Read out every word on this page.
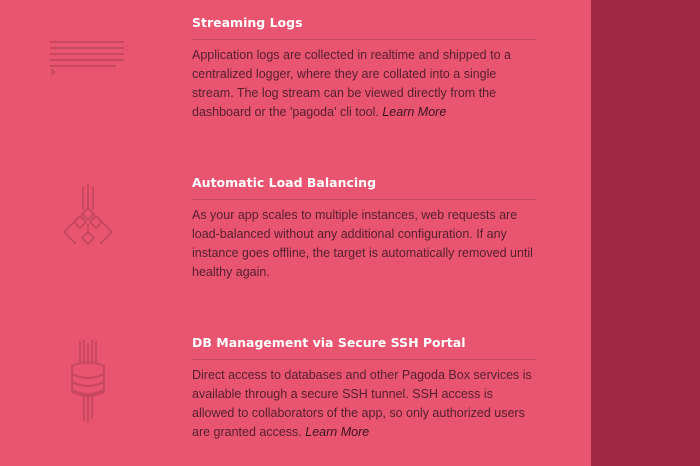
Streaming Logs

Application logs are collected in realtime and shipped to a centralized logger, where they are collated into a single stream. The log stream can be viewed directly from the dashboard or the 'pagoda' cli tool. Learn More

Automatic Load Balancing

As your app scales to multiple instances, web requests are load-balanced without any additional configuration. If any instance goes offline, the target is automatically removed until healthy again.

DB Management via Secure SSH Portal

Direct access to databases and other Pagoda Box services is available through a secure SSH tunnel. SSH access is allowed to collaborators of the app, so only authorized users are granted access. Learn More
